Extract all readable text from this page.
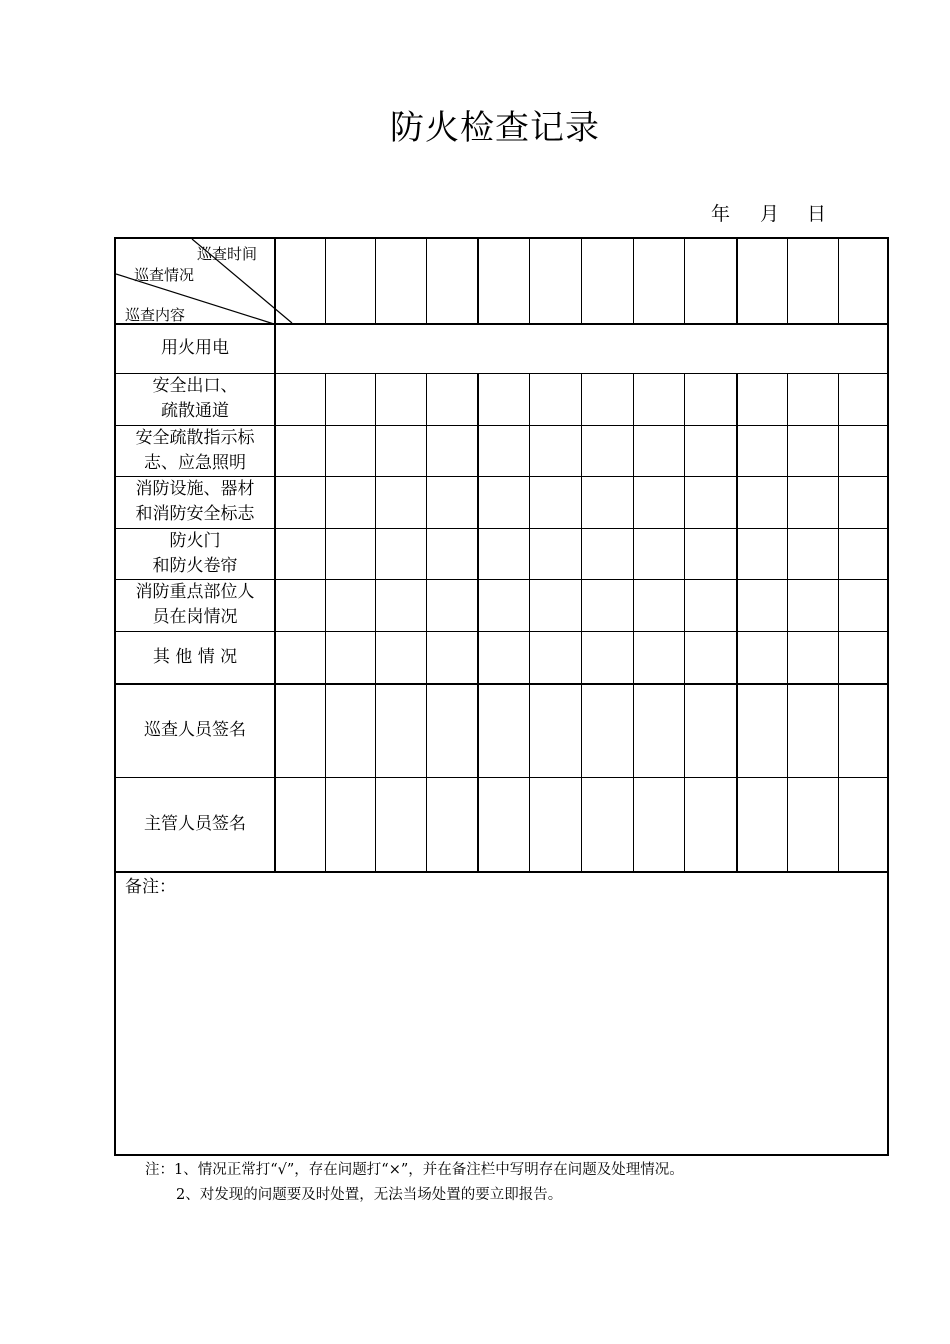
防火检查记录
年 月 日
巡查时间
巡查情况
巡查内容
备注：
用火用电
安全出口、
疏散通道
安全疏散指示标
志、应急照明
消防设施、器材
和消防安全标志
防火门
和防火卷帘
消防重点部位人
员在岗情况
其 他 情 况
巡查人员签名
主管人员签名
注：1、情况正常打“√”，存在问题打“×”，并在备注栏中写明存在问题及处理情况。
2、对发现的问题要及时处置，无法当场处置的要立即报告。
